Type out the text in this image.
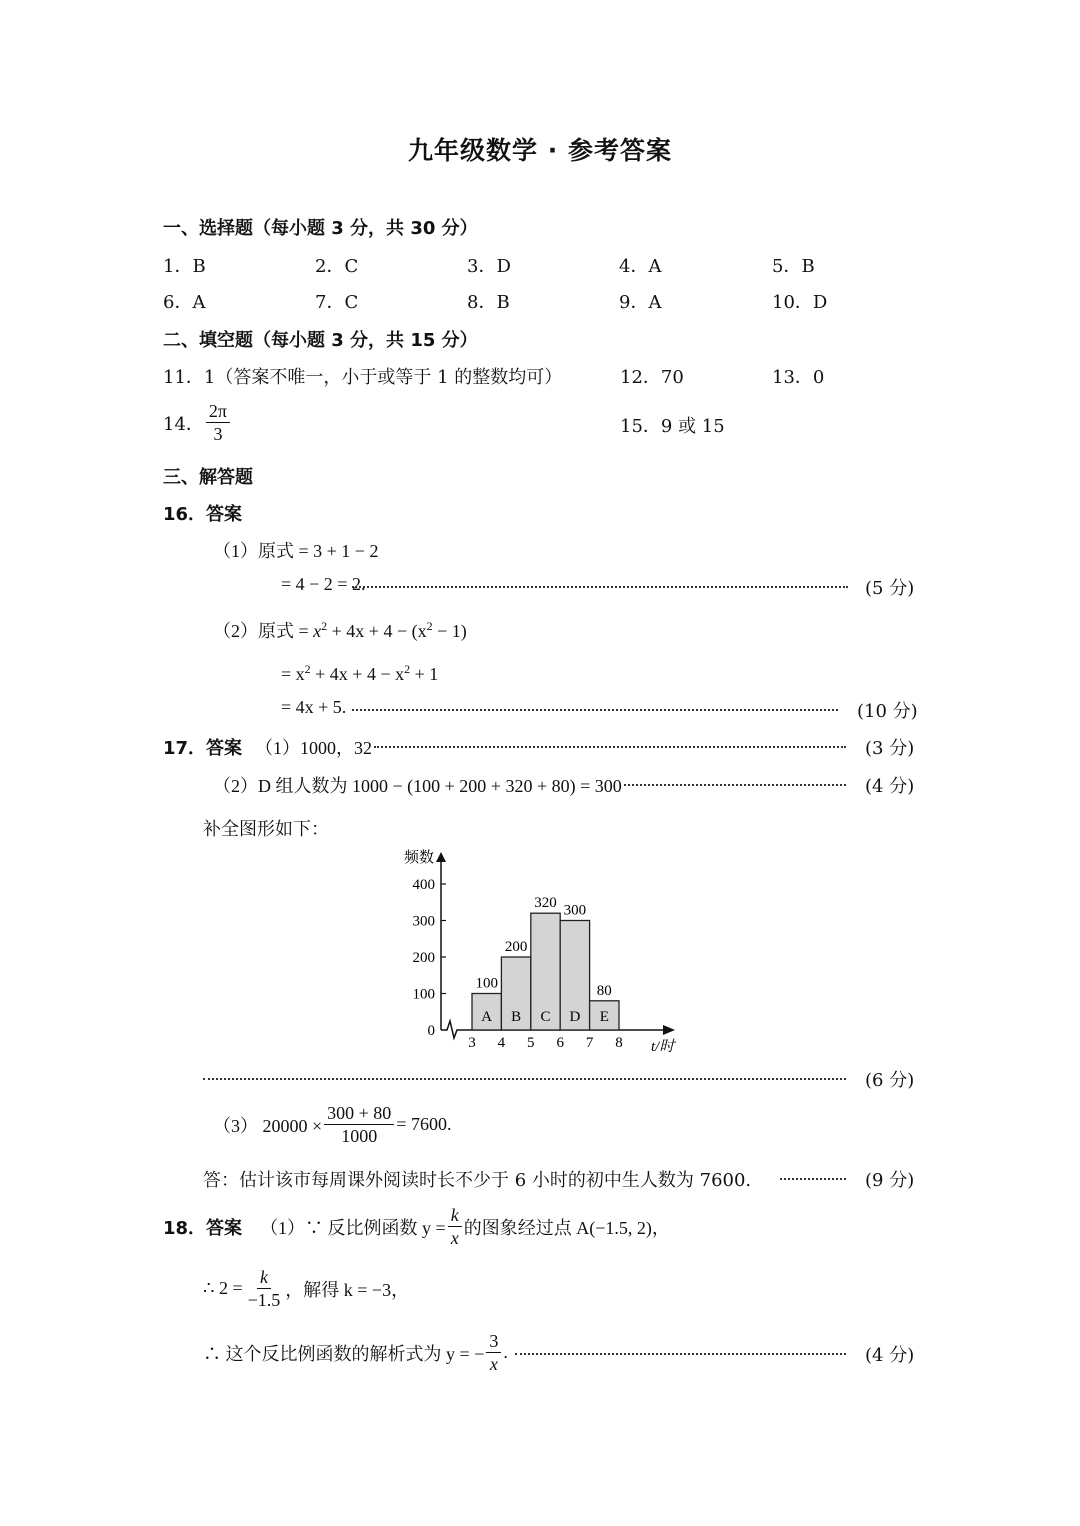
九年级数学 · 参考答案
一、选择题（每小题 3 分，共 30 分）
1．B	2．C	3．D	4．A	5．B
6．A	7．C	8．B	9．A	10．D
二、填空题（每小题 3 分，共 15 分）
11．1（答案不唯一，小于或等于 1 的整数均可）	12．70	13．0
14． $\frac{2\pi}{3}$	15．9 或 15
三、解答题
16．答案
（1）原式 = 3 + 1 − 2
= 4 − 2 = 2.	(5 分)
（2）原式 = $x^2 + 4x + 4 - (x^2 - 1)$
= $x^2 + 4x + 4 - x^2 + 1$
= 4x + 5.	(10 分)
17．答案 （1）1000，32	(3 分)
（2）D 组人数为 1000 − (100 + 200 + 320 + 80) = 300	(4 分)
补全图形如下：
频数
t/时
0
100
200
300
400
100
A
200
B
320
C
300
D
80
E
3 4 5 6 7 8
(6 分)
（3） $20000 \times \frac{300 + 80}{1000} = 7600$.
答：估计该市每周课外阅读时长不少于 6 小时的初中生人数为 7600.	(9 分)
18．答案 （1）∵ 反比例函数 $y = \frac{k}{x}$ 的图象经过点 A(−1.5, 2)，
∴ $2 = \frac{k}{-1.5}$ ，解得 k = −3，
∴ 这个反比例函数的解析式为 y = − $\frac{3}{x}$ .	(4 分)
